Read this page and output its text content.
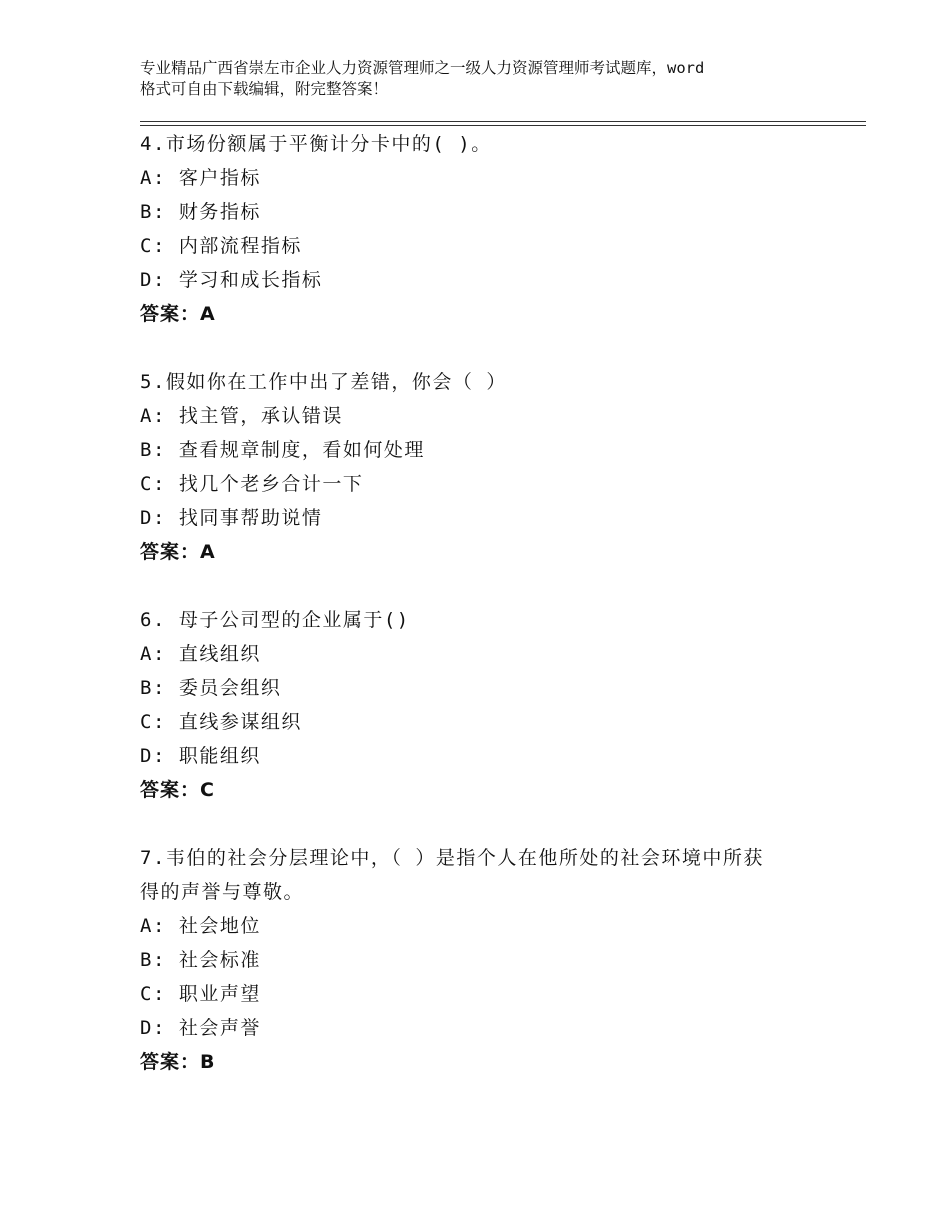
专业精品广西省崇左市企业人力资源管理师之一级人力资源管理师考试题库，word
格式可自由下载编辑，附完整答案！
4.市场份额属于平衡计分卡中的( )。
A: 客户指标
B: 财务指标
C: 内部流程指标
D: 学习和成长指标
答案：A
5.假如你在工作中出了差错，你会（ ）
A: 找主管，承认错误
B: 查看规章制度，看如何处理
C: 找几个老乡合计一下
D: 找同事帮助说情
答案：A
6. 母子公司型的企业属于()
A: 直线组织
B: 委员会组织
C: 直线参谋组织
D: 职能组织
答案：C
7.韦伯的社会分层理论中，（ ）是指个人在他所处的社会环境中所获
得的声誉与尊敬。
A: 社会地位
B: 社会标准
C: 职业声望
D: 社会声誉
答案：B
